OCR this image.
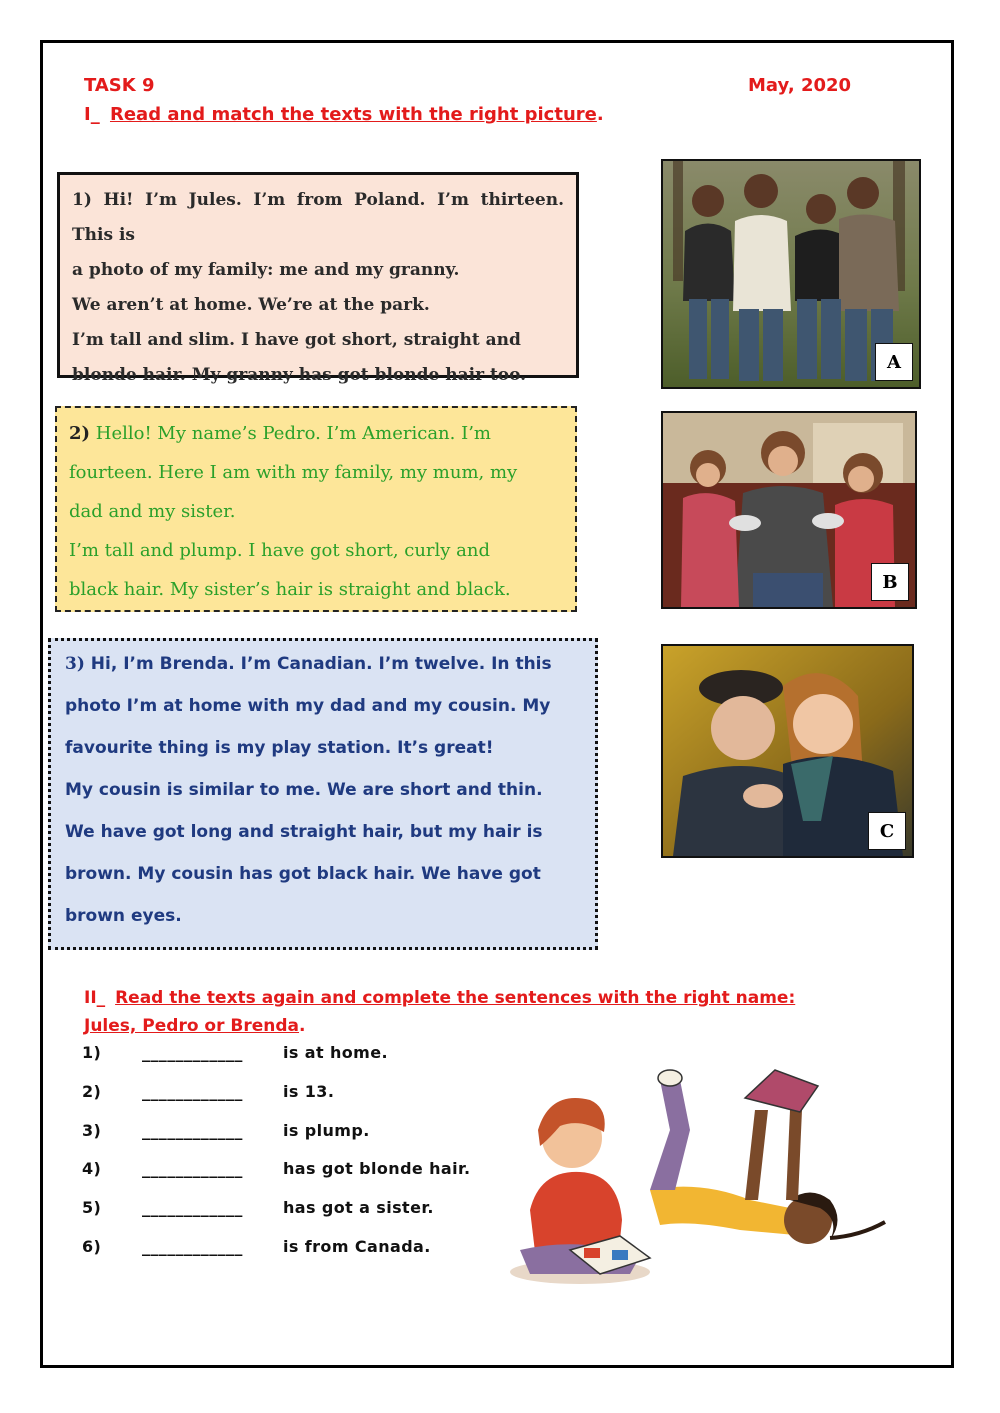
TASK 9	May, 2020
I_ Read and match the texts with the right picture.

1) Hi! I’m Jules. I’m from Poland. I’m thirteen. This is

a photo of my family: me and my granny.

We aren’t at home. We’re at the park.

I’m tall and slim. I have got short, straight and

blonde hair. My granny has got blonde hair too.

2) Hello! My name’s Pedro. I’m American. I’m

fourteen. Here I am with my family, my mum, my

dad and my sister.

I’m tall and plump. I have got short, curly and

black hair. My sister’s hair is straight and black.

3) Hi, I’m Brenda. I’m Canadian. I’m twelve. In this

photo I’m at home with my dad and my cousin. My

favourite thing is my play station. It’s great!

My cousin is similar to me. We are short and thin.

We have got long and straight hair, but my hair is

brown. My cousin has got black hair. We have got

brown eyes.

A
B
C
II_ Read the texts again and complete the sentences with the right name:
Jules, Pedro or Brenda.
1)	____________	is at home.
2)	____________	is 13.
3)	____________	is plump.
4)	____________	has got blonde hair.
5)	____________	has got a sister.
6)	____________	is from Canada.
